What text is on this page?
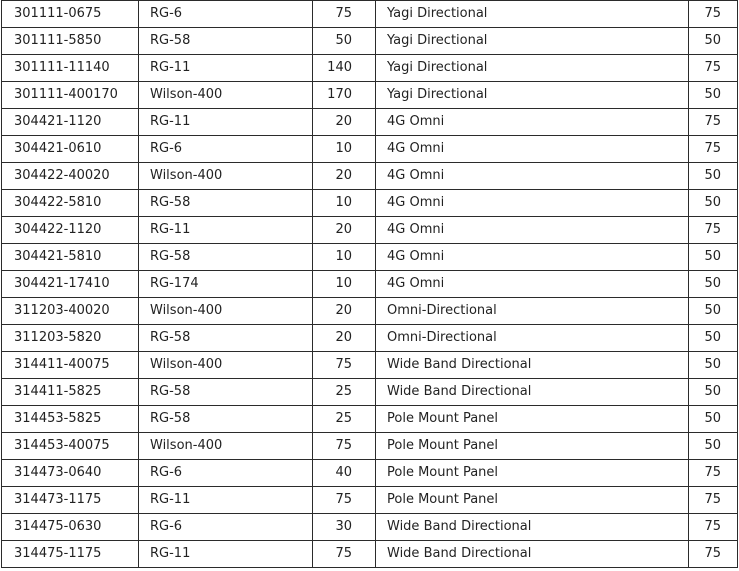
301111-0675	RG-6	75	Yagi Directional	75
301111-5850	RG-58	50	Yagi Directional	50
301111-11140	RG-11	140	Yagi Directional	75
301111-400170	Wilson-400	170	Yagi Directional	50
304421-1120	RG-11	20	4G Omni	75
304421-0610	RG-6	10	4G Omni	75
304422-40020	Wilson-400	20	4G Omni	50
304422-5810	RG-58	10	4G Omni	50
304422-1120	RG-11	20	4G Omni	75
304421-5810	RG-58	10	4G Omni	50
304421-17410	RG-174	10	4G Omni	50
311203-40020	Wilson-400	20	Omni-Directional	50
311203-5820	RG-58	20	Omni-Directional	50
314411-40075	Wilson-400	75	Wide Band Directional	50
314411-5825	RG-58	25	Wide Band Directional	50
314453-5825	RG-58	25	Pole Mount Panel	50
314453-40075	Wilson-400	75	Pole Mount Panel	50
314473-0640	RG-6	40	Pole Mount Panel	75
314473-1175	RG-11	75	Pole Mount Panel	75
314475-0630	RG-6	30	Wide Band Directional	75
314475-1175	RG-11	75	Wide Band Directional	75
